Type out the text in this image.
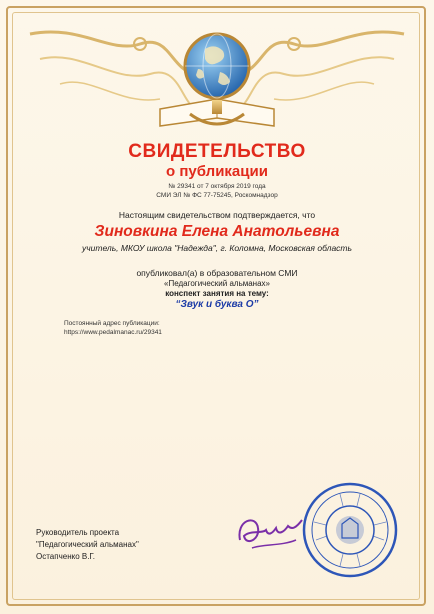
СВИДЕТЕЛЬСТВО
о публикации
№ 29341 от 7 октября 2019 года
СМИ ЭЛ № ФС 77-75245, Роскомнадзор
Настоящим свидетельством подтверждается, что
Зиновкина Елена Анатольевна
учитель, МКОУ школа "Надежда", г. Коломна, Московская область
опубликовал(а) в образовательном СМИ
«Педагогический альманах»
конспект занятия на тему:
“Звук и буква О”
Постоянный адрес публикации:
https://www.pedalmanac.ru/29341
Руководитель проекта
"Педагогический альманах"
Остапченко В.Г.
